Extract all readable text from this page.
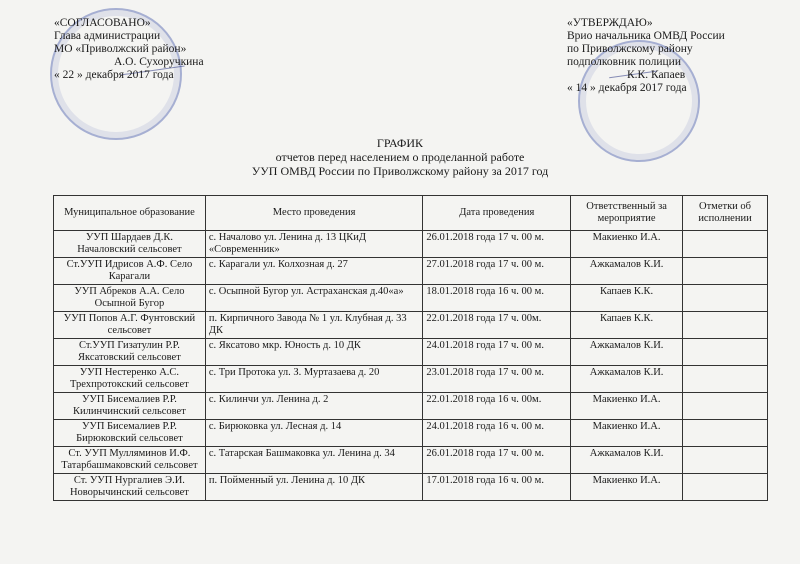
«СОГЛАСОВАНО»
Глава администрации
МО «Приволжский район»
А.О. Сухоручкина
« 22 » декабря 2017 года
«УТВЕРЖДАЮ»
Врио начальника ОМВД России
по Приволжскому району
подполковник полиции
К.К. Капаев
« 14 » декабря 2017 года
ГРАФИК
отчетов перед населением о проделанной работе
УУП ОМВД России по Приволжскому району за 2017 год
Муниципальное образование	Место проведения	Дата проведения	Ответственный за мероприятие	Отметки об исполнении
УУП Шардаев Д.К. Началовский сельсовет	с. Началово ул. Ленина д. 13 ЦКиД «Современник»	26.01.2018 года 17 ч. 00 м.	Макиенко И.А.	
Ст.УУП Идрисов А.Ф. Село Карагали	с. Карагали ул. Колхозная д. 27	27.01.2018 года 17 ч. 00 м.	Ажкамалов К.И.	
УУП Абреков А.А. Село Осыпной Бугор	с. Осыпной Бугор ул. Астраханская д.40«а»	18.01.2018 года 16 ч. 00 м.	Капаев К.К.	
УУП Попов А.Г. Фунтовский сельсовет	п. Кирпичного Завода № 1 ул. Клубная д. 33 ДК	22.01.2018 года 17 ч. 00м.	Капаев К.К.	
Ст.УУП Гизатулин Р.Р. Яксатовский сельсовет	с. Яксатово мкр. Юность д. 10 ДК	24.01.2018 года 17 ч. 00 м.	Ажкамалов К.И.	
УУП Нестеренко А.С. Трехпротокский сельсовет	с. Три Протока ул. З. Муртазаева д. 20	23.01.2018 года 17 ч. 00 м.	Ажкамалов К.И.	
УУП Бисемалиев Р.Р. Килинчинский сельсовет	с. Килинчи ул. Ленина д. 2	22.01.2018 года 16 ч. 00м.	Макиенко И.А.	
УУП Бисемалиев Р.Р. Бирюковский сельсовет	с. Бирюковка ул. Лесная д. 14	24.01.2018 года 16 ч. 00 м.	Макиенко И.А.	
Ст. УУП Мулляминов И.Ф. Татарбашмаковский сельсовет	с. Татарская Башмаковка ул. Ленина д. 34	26.01.2018 года 17 ч. 00 м.	Ажкамалов К.И.	
Ст. УУП Нургалиев Э.И. Новорычинский сельсовет	п. Пойменный ул. Ленина д. 10 ДК	17.01.2018 года 16 ч. 00 м.	Макиенко И.А.	
